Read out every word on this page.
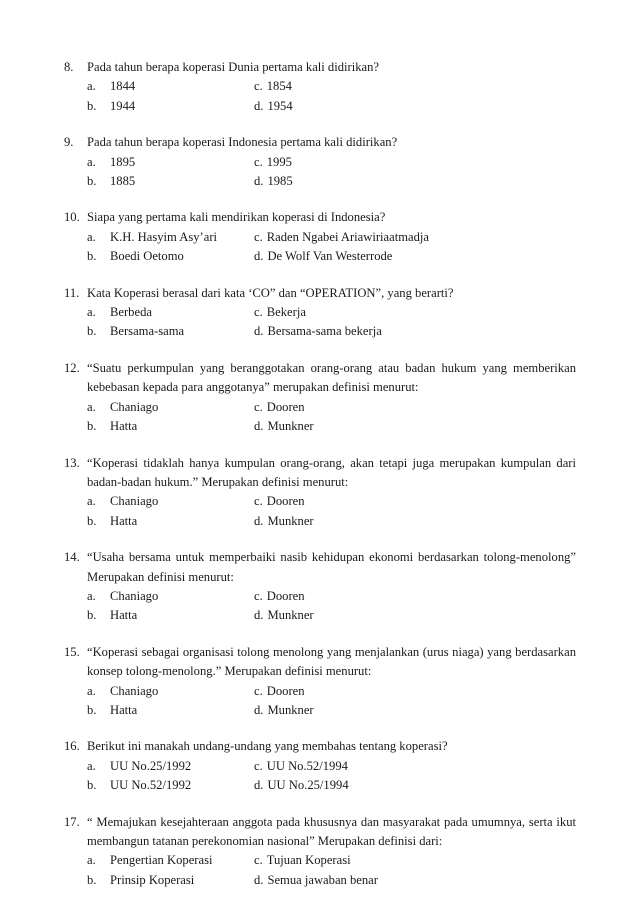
8.	Pada tahun berapa koperasi Dunia pertama kali didirikan?
a.	1844	c. 1854
b.	1944	d. 1954
9.	Pada tahun berapa koperasi Indonesia pertama kali didirikan?
a.	1895	c. 1995
b.	1885	d. 1985
10. Siapa yang pertama kali mendirikan koperasi di Indonesia?
a.	K.H. Hasyim Asy’ari	c. Raden Ngabei Ariawiriaatmadja
b.	Boedi Oetomo	d. De Wolf Van Westerrode
11. Kata Koperasi berasal dari kata ‘CO” dan “OPERATION”, yang berarti?
a.	Berbeda	c. Bekerja
b.	Bersama-sama	d. Bersama-sama bekerja
12. “Suatu perkumpulan yang beranggotakan orang-orang atau badan hukum yang memberikan kebebasan kepada para anggotanya” merupakan definisi menurut:
a.	Chaniago	c. Dooren
b.	Hatta	d. Munkner
13. “Koperasi tidaklah hanya kumpulan orang-orang, akan tetapi juga merupakan kumpulan dari badan-badan hukum.” Merupakan definisi menurut:
a.	Chaniago	c. Dooren
b.	Hatta	d. Munkner
14. “Usaha bersama untuk memperbaiki nasib kehidupan ekonomi berdasarkan tolong-menolong” Merupakan definisi menurut:
a.	Chaniago	c. Dooren
b.	Hatta	d. Munkner
15. “Koperasi sebagai organisasi tolong menolong yang menjalankan (urus niaga) yang berdasarkan konsep tolong-menolong.” Merupakan definisi menurut:
a.	Chaniago	c. Dooren
b.	Hatta	d. Munkner
16. Berikut ini manakah undang-undang yang membahas tentang koperasi?
a.	UU No.25/1992	c. UU No.52/1994
b.	UU No.52/1992	d. UU No.25/1994
17. “ Memajukan kesejahteraan anggota pada khususnya dan masyarakat pada umumnya, serta ikut membangun tatanan perekonomian nasional” Merupakan definisi dari:
a.	Pengertian Koperasi	c. Tujuan Koperasi
b.	Prinsip Koperasi	d. Semua jawaban benar
